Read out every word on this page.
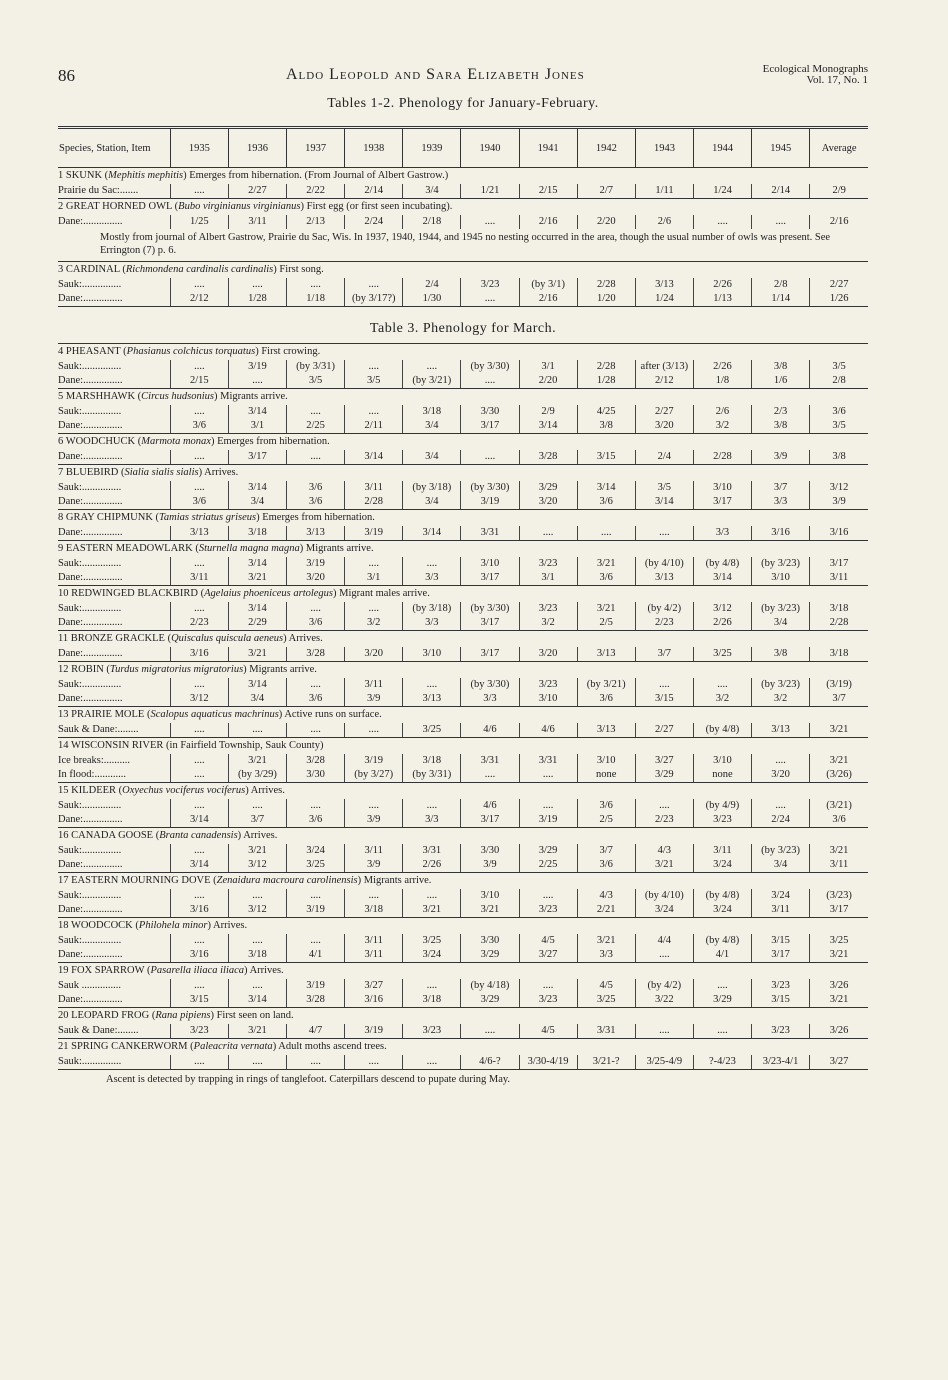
86	Aldo Leopold and Sara Elizabeth Jones	Ecological Monographs
Vol. 17, No. 1
Tables 1-2. Phenology for January-February.
Species, Station, Item	1935	1936	1937	1938	1939	1940	1941	1942	1943	1944	1945	Average
1 SKUNK (Mephitis mephitis) Emerges from hibernation. (From Journal of Albert Gastrow.)												
Prairie du Sac:.......	....	2/27	2/22	2/14	3/4	1/21	2/15	2/7	1/11	1/24	2/14	2/9
2 GREAT HORNED OWL (Bubo virginianus virginianus) First egg (or first seen incubating).												
Dane:...............	1/25	3/11	2/13	2/24	2/18	....	2/16	2/20	2/6	....	....	2/16
Mostly from journal of Albert Gastrow, Prairie du Sac, Wis. In 1937, 1940, 1944, and 1945 no nesting occurred in the area, though the usual number of owls was present. See Errington (7) p. 6.												
3 CARDINAL (Richmondena cardinalis cardinalis) First song.												
Sauk:...............	....	....	....	....	2/4	3/23	(by 3/1)	2/28	3/13	2/26	2/8	2/27
Dane:...............	2/12	1/28	1/18	(by 3/17?)	1/30	....	2/16	1/20	1/24	1/13	1/14	1/26
Table 3. Phenology for March.
4 PHEASANT (Phasianus colchicus torquatus) First crowing.												
Sauk:...............	....	3/19	(by 3/31)	....	....	(by 3/30)	3/1	2/28	after (3/13)	2/26	3/8	3/5
Dane:...............	2/15	....	3/5	3/5	(by 3/21)	....	2/20	1/28	2/12	1/8	1/6	2/8
5 MARSHHAWK (Circus hudsonius) Migrants arrive.												
Sauk:...............	....	3/14	....	....	3/18	3/30	2/9	4/25	2/27	2/6	2/3	3/6
Dane:...............	3/6	3/1	2/25	2/11	3/4	3/17	3/14	3/8	3/20	3/2	3/8	3/5
6 WOODCHUCK (Marmota monax) Emerges from hibernation.												
Dane:...............	....	3/17	....	3/14	3/4	....	3/28	3/15	2/4	2/28	3/9	3/8
7 BLUEBIRD (Sialia sialis sialis) Arrives.												
Sauk:...............	....	3/14	3/6	3/11	(by 3/18)	(by 3/30)	3/29	3/14	3/5	3/10	3/7	3/12
Dane:...............	3/6	3/4	3/6	2/28	3/4	3/19	3/20	3/6	3/14	3/17	3/3	3/9
8 GRAY CHIPMUNK (Tamias striatus griseus) Emerges from hibernation.												
Dane:...............	3/13	3/18	3/13	3/19	3/14	3/31	....	....	....	3/3	3/16	3/16
9 EASTERN MEADOWLARK (Sturnella magna magna) Migrants arrive.												
Sauk:...............	....	3/14	3/19	....	....	3/10	3/23	3/21	(by 4/10)	(by 4/8)	(by 3/23)	3/17
Dane:...............	3/11	3/21	3/20	3/1	3/3	3/17	3/1	3/6	3/13	3/14	3/10	3/11
10 REDWINGED BLACKBIRD (Agelaius phoeniceus artolegus) Migrant males arrive.												
Sauk:...............	....	3/14	....	....	(by 3/18)	(by 3/30)	3/23	3/21	(by 4/2)	3/12	(by 3/23)	3/18
Dane:...............	2/23	2/29	3/6	3/2	3/3	3/17	3/2	2/5	2/23	2/26	3/4	2/28
11 BRONZE GRACKLE (Quiscalus quiscula aeneus) Arrives.												
Dane:...............	3/16	3/21	3/28	3/20	3/10	3/17	3/20	3/13	3/7	3/25	3/8	3/18
12 ROBIN (Turdus migratorius migratorius) Migrants arrive.												
Sauk:...............	....	3/14	....	3/11	....	(by 3/30)	3/23	(by 3/21)	....	....	(by 3/23)	(3/19)
Dane:...............	3/12	3/4	3/6	3/9	3/13	3/3	3/10	3/6	3/15	3/2	3/2	3/7
13 PRAIRIE MOLE (Scalopus aquaticus machrinus) Active runs on surface.												
Sauk & Dane:........	....	....	....	....	3/25	4/6	4/6	3/13	2/27	(by 4/8)	3/13	3/21
14 WISCONSIN RIVER (in Fairfield Township, Sauk County)												
Ice breaks:..........	....	3/21	3/28	3/19	3/18	3/31	3/31	3/10	3/27	3/10	....	3/21
In flood:............	....	(by 3/29)	3/30	(by 3/27)	(by 3/31)	....	....	none	3/29	none	3/20	(3/26)
15 KILDEER (Oxyechus vociferus vociferus) Arrives.												
Sauk:...............	....	....	....	....	....	4/6	....	3/6	....	(by 4/9)	....	(3/21)
Dane:...............	3/14	3/7	3/6	3/9	3/3	3/17	3/19	2/5	2/23	3/23	2/24	3/6
16 CANADA GOOSE (Branta canadensis) Arrives.												
Sauk:...............	....	3/21	3/24	3/11	3/31	3/30	3/29	3/7	4/3	3/11	(by 3/23)	3/21
Dane:...............	3/14	3/12	3/25	3/9	2/26	3/9	2/25	3/6	3/21	3/24	3/4	3/11
17 EASTERN MOURNING DOVE (Zenaidura macroura carolinensis) Migrants arrive.												
Sauk:...............	....	....	....	....	....	3/10	....	4/3	(by 4/10)	(by 4/8)	3/24	(3/23)
Dane:...............	3/16	3/12	3/19	3/18	3/21	3/21	3/23	2/21	3/24	3/24	3/11	3/17
18 WOODCOCK (Philohela minor) Arrives.												
Sauk:...............	....	....	....	3/11	3/25	3/30	4/5	3/21	4/4	(by 4/8)	3/15	3/25
Dane:...............	3/16	3/18	4/1	3/11	3/24	3/29	3/27	3/3	....	4/1	3/17	3/21
19 FOX SPARROW (Pasarella iliaca iliaca) Arrives.												
Sauk ...............	....	....	3/19	3/27	....	(by 4/18)	....	4/5	(by 4/2)	....	3/23	3/26
Dane:...............	3/15	3/14	3/28	3/16	3/18	3/29	3/23	3/25	3/22	3/29	3/15	3/21
20 LEOPARD FROG (Rana pipiens) First seen on land.												
Sauk & Dane:........	3/23	3/21	4/7	3/19	3/23	....	4/5	3/31	....	....	3/23	3/26
21 SPRING CANKERWORM (Paleacrita vernata) Adult moths ascend trees.												
Sauk:...............	....	....	....	....	....	4/6-?	3/30-4/19	3/21-?	3/25-4/9	?-4/23	3/23-4/1	3/27
Ascent is detected by trapping in rings of tanglefoot. Caterpillars descend to pupate during May.
